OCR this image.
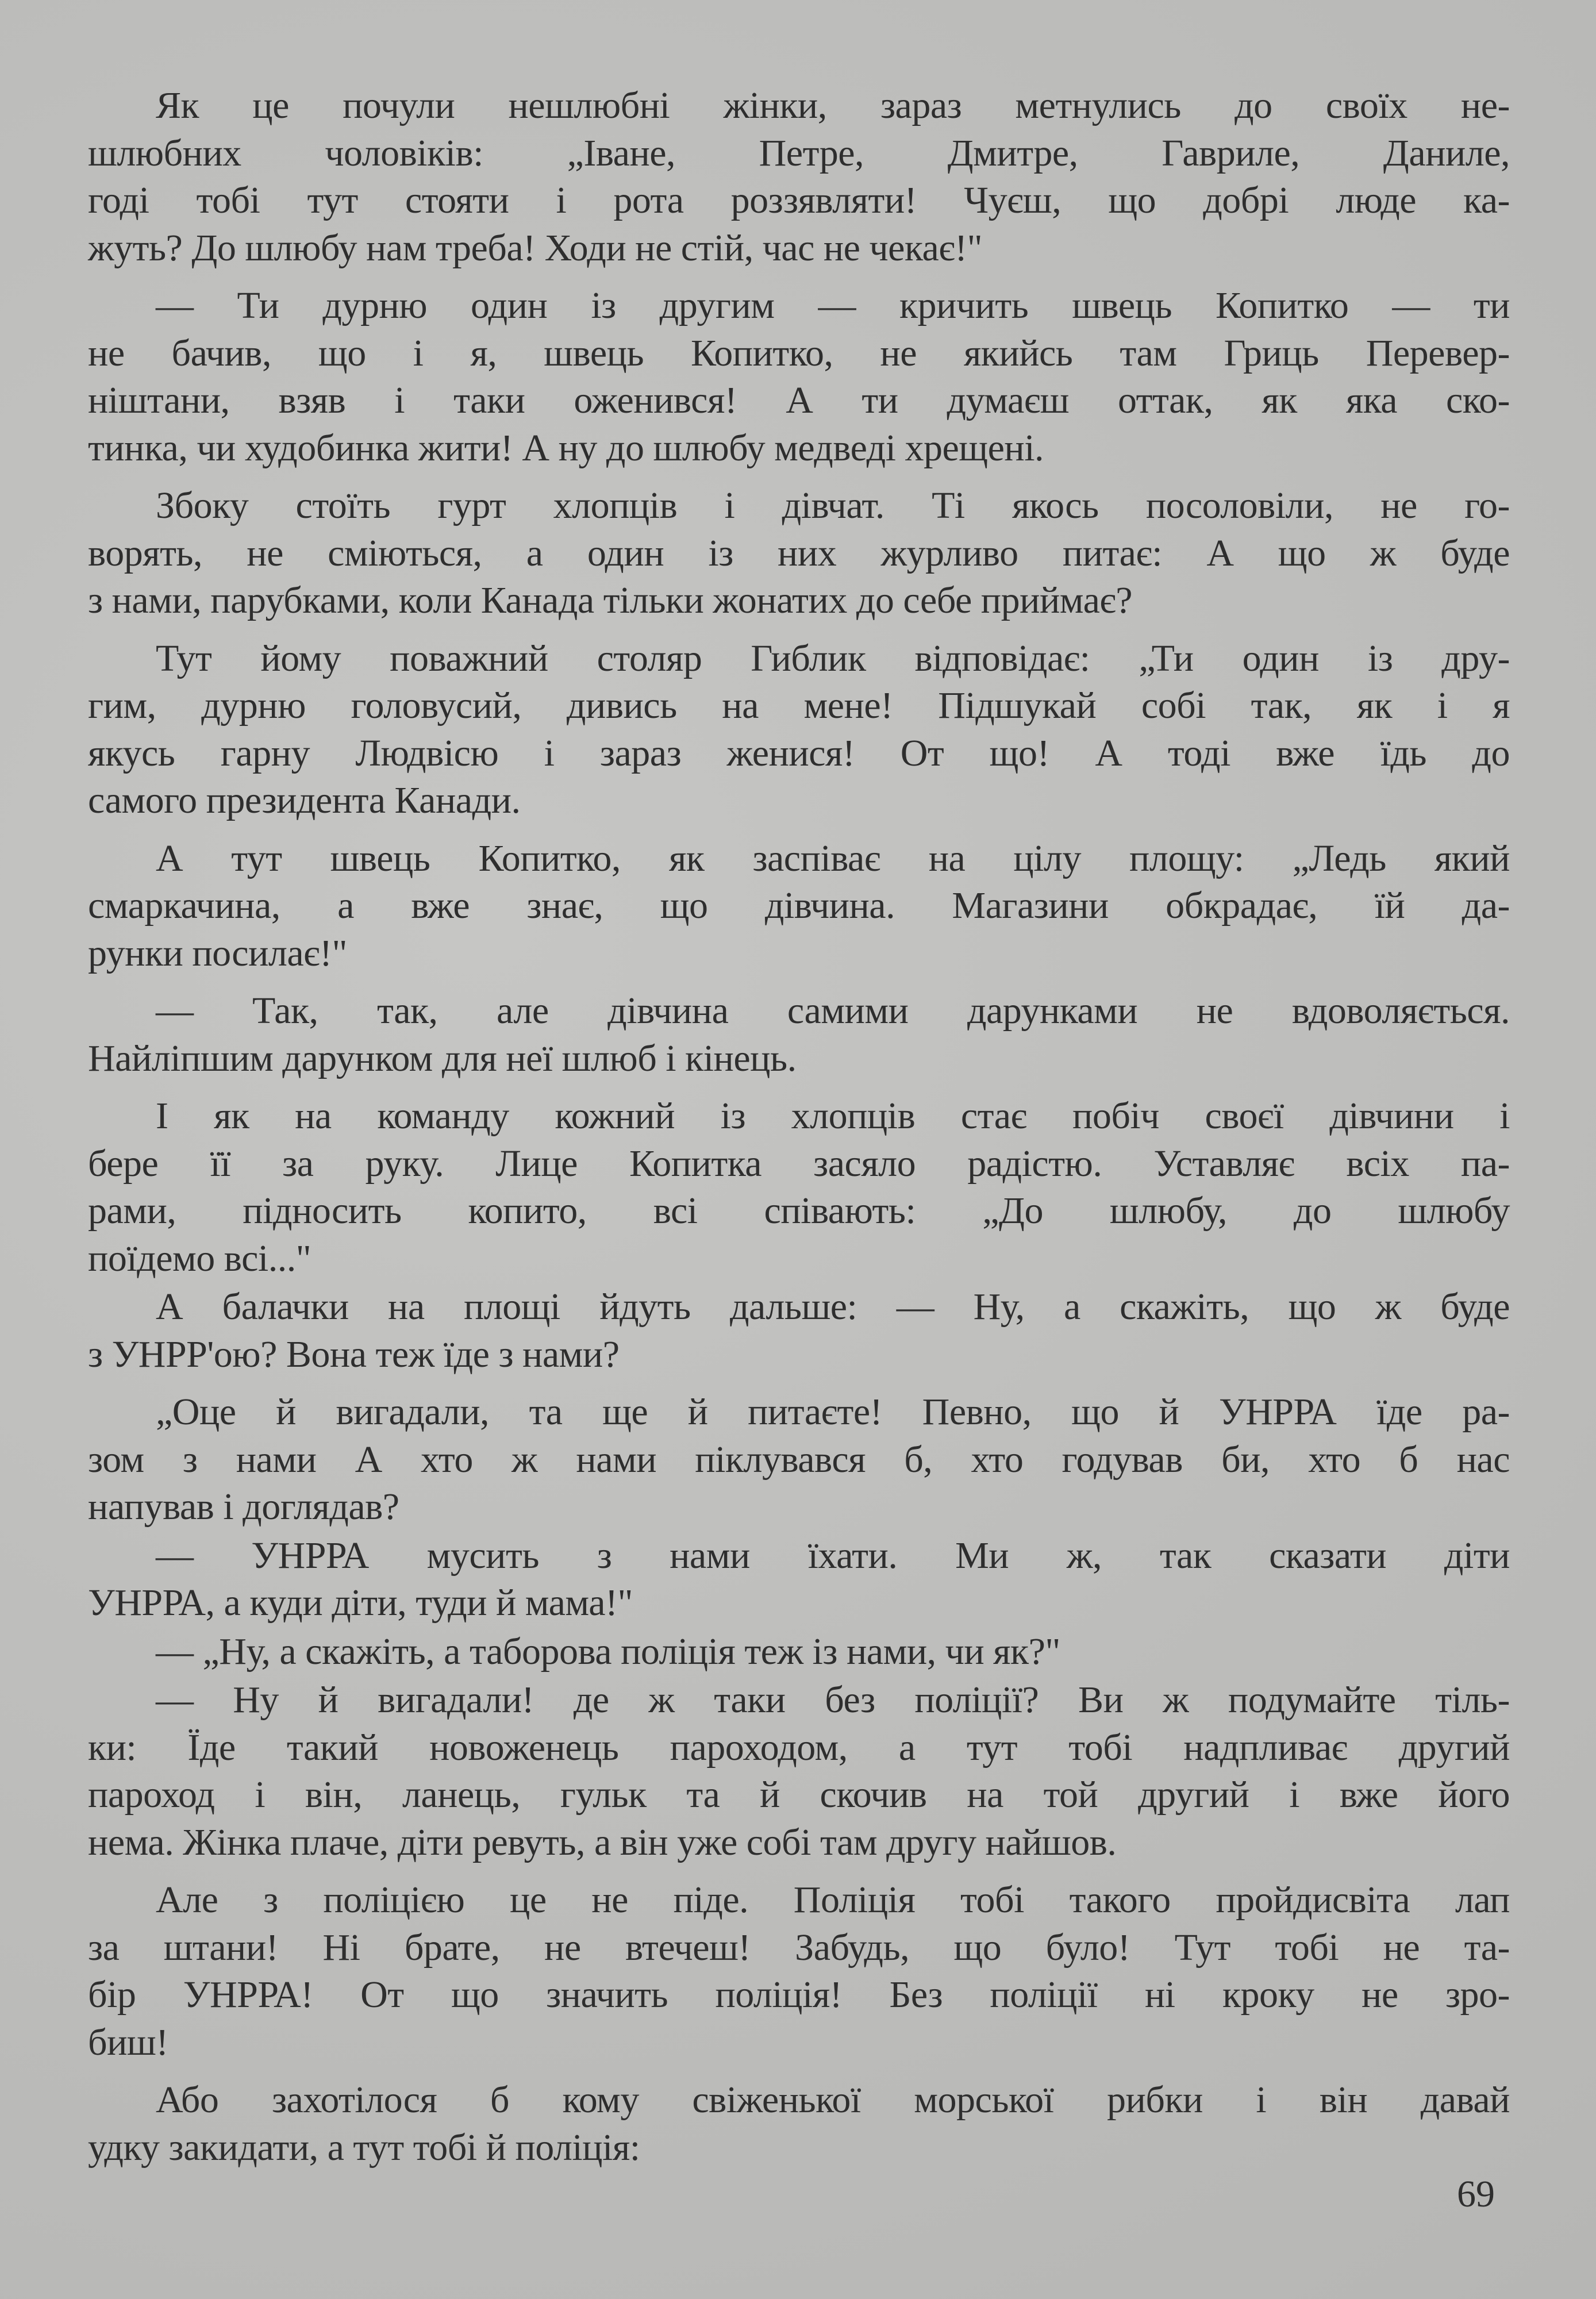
Як це почули нешлюбні жінки, зараз метнулись до своїх не-
шлюбних чоловіків: „Іване, Петре, Дмитре, Гавриле, Даниле,
годі тобі тут стояти і рота роззявляти! Чуєш, що добрі люде ка-
жуть? До шлюбу нам треба! Ходи не стій, час не чекає!"
— Ти дурню один із другим — кричить швець Копитко — ти
не бачив, що і я, швець Копитко, не якийсь там Гриць Перевер-
ніштани, взяв і таки оженився! А ти думаєш оттак, як яка ско-
тинка, чи худобинка жити! А ну до шлюбу медведі хрещені.
Збоку стоїть гурт хлопців і дівчат. Ті якось посоловіли, не го-
ворять, не сміються, а один із них журливо питає: А що ж буде
з нами, парубками, коли Канада тільки жонатих до себе приймає?
Тут йому поважний столяр Гиблик відповідає: „Ти один із дру-
гим, дурню головусий, дивись на мене! Підшукай собі так, як і я
якусь гарну Людвісю і зараз женися! От що! А тоді вже їдь до
самого президента Канади.
А тут швець Копитко, як заспіває на цілу площу: „Ледь який
смаркачина, а вже знає, що дівчина. Магазини обкрадає, їй да-
рунки посилає!"
— Так, так, але дівчина самими дарунками не вдоволяється.
Найліпшим дарунком для неї шлюб і кінець.
І як на команду кожний із хлопців стає побіч своєї дівчини і
бере її за руку. Лице Копитка засяло радістю. Уставляє всіх па-
рами, підносить копито, всі співають: „До шлюбу, до шлюбу
поїдемо всі..."
А балачки на площі йдуть дальше: — Ну, а скажіть, що ж буде
з УНРР'ою? Вона теж їде з нами?
„Оце й вигадали, та ще й питаєте! Певно, що й УНРРА їде ра-
зом з нами А хто ж нами піклувався б, хто годував би, хто б нас
напував і доглядав?
— УНРРА мусить з нами їхати. Ми ж, так сказати діти
УНРРА, а куди діти, туди й мама!"
— „Ну, а скажіть, а таборова поліція теж із нами, чи як?"
— Ну й вигадали! де ж таки без поліції? Ви ж подумайте тіль-
ки: Їде такий новоженець пароходом, а тут тобі надпливає другий
пароход і він, ланець, гульк та й скочив на той другий і вже його
нема. Жінка плаче, діти ревуть, а він уже собі там другу найшов.
Але з поліцією це не піде. Поліція тобі такого пройдисвіта лап
за штани! Ні брате, не втечеш! Забудь, що було! Тут тобі не та-
бір УНРРА! От що значить поліція! Без поліції ні кроку не зро-
биш!
Або захотілося б кому свіженької морської рибки і він давай
удку закидати, а тут тобі й поліція:
69
